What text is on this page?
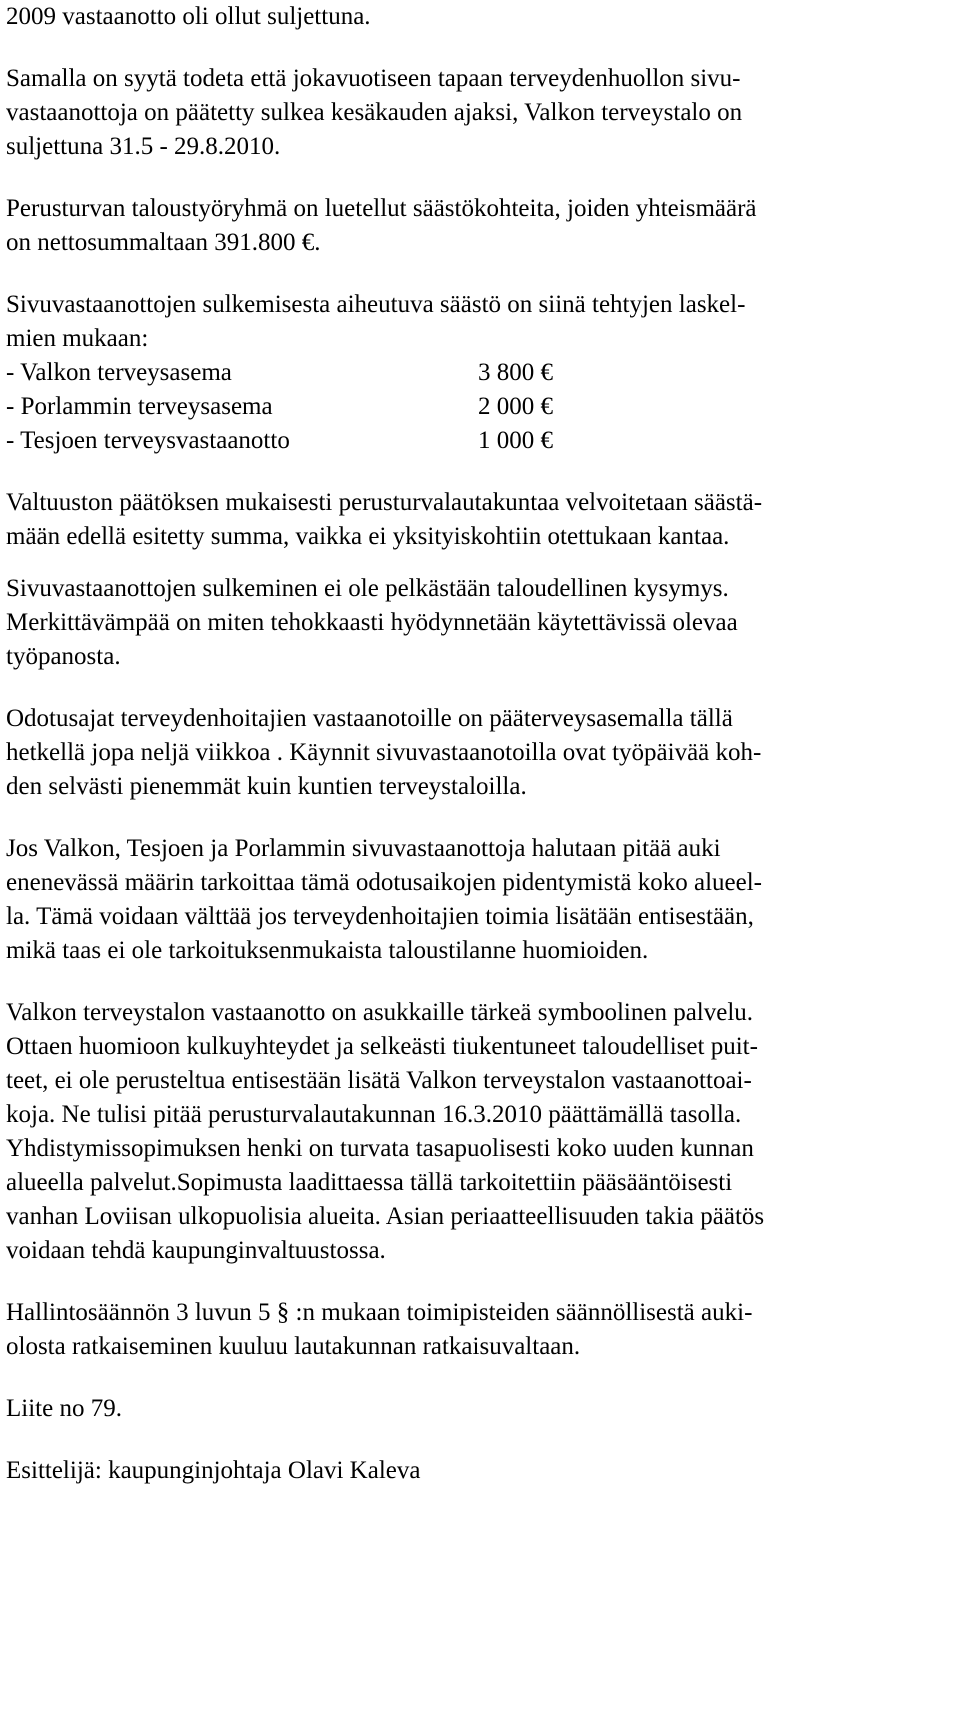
2009 vastaanotto oli ollut suljettuna.
Samalla on syytä todeta että jokavuotiseen tapaan terveydenhuollon sivu-
vastaanottoja on päätetty sulkea kesäkauden ajaksi, Valkon terveystalo on
suljettuna 31.5 - 29.8.2010.
Perusturvan taloustyöryhmä on luetellut säästökohteita, joiden yhteismäärä
on nettosummaltaan 391.800 €.
Sivuvastaanottojen sulkemisesta aiheutuva säästö on siinä tehtyjen laskel-
mien mukaan:
- Valkon terveysasema	3 800 €
- Porlammin terveysasema	2 000 €
- Tesjoen terveysvastaanotto	1 000 €
Valtuuston päätöksen mukaisesti perusturvalautakuntaa velvoitetaan säästä-
mään edellä esitetty summa, vaikka ei yksityiskohtiin otettukaan kantaa.
Sivuvastaanottojen sulkeminen ei ole pelkästään taloudellinen kysymys.
Merkittävämpää on miten tehokkaasti hyödynnetään käytettävissä olevaa
työpanosta.
Odotusajat terveydenhoitajien vastaanotoille on pääterveysasemalla tällä
hetkellä jopa neljä viikkoa . Käynnit sivuvastaanotoilla ovat työpäivää koh-
den selvästi pienemmät kuin kuntien terveystaloilla.
Jos Valkon, Tesjoen ja Porlammin sivuvastaanottoja halutaan pitää auki
enenevässä määrin tarkoittaa tämä odotusaikojen pidentymistä koko alueel-
la. Tämä voidaan välttää jos terveydenhoitajien toimia lisätään entisestään,
mikä taas ei ole tarkoituksenmukaista taloustilanne huomioiden.
Valkon terveystalon vastaanotto on asukkaille tärkeä symboolinen palvelu.
Ottaen huomioon kulkuyhteydet ja selkeästi tiukentuneet taloudelliset puit-
teet, ei ole perusteltua entisestään lisätä Valkon terveystalon vastaanottoai-
koja. Ne tulisi pitää perusturvalautakunnan 16.3.2010 päättämällä tasolla.
Yhdistymissopimuksen henki on turvata tasapuolisesti koko uuden kunnan
alueella palvelut.Sopimusta laadittaessa tällä tarkoitettiin pääsääntöisesti
vanhan Loviisan ulkopuolisia alueita. Asian periaatteellisuuden takia päätös
voidaan tehdä kaupunginvaltuustossa.
Hallintosäännön 3 luvun 5 § :n mukaan toimipisteiden säännöllisestä auki-
olosta ratkaiseminen kuuluu lautakunnan ratkaisuvaltaan.
Liite no 79.
Esittelijä: kaupunginjohtaja Olavi Kaleva
